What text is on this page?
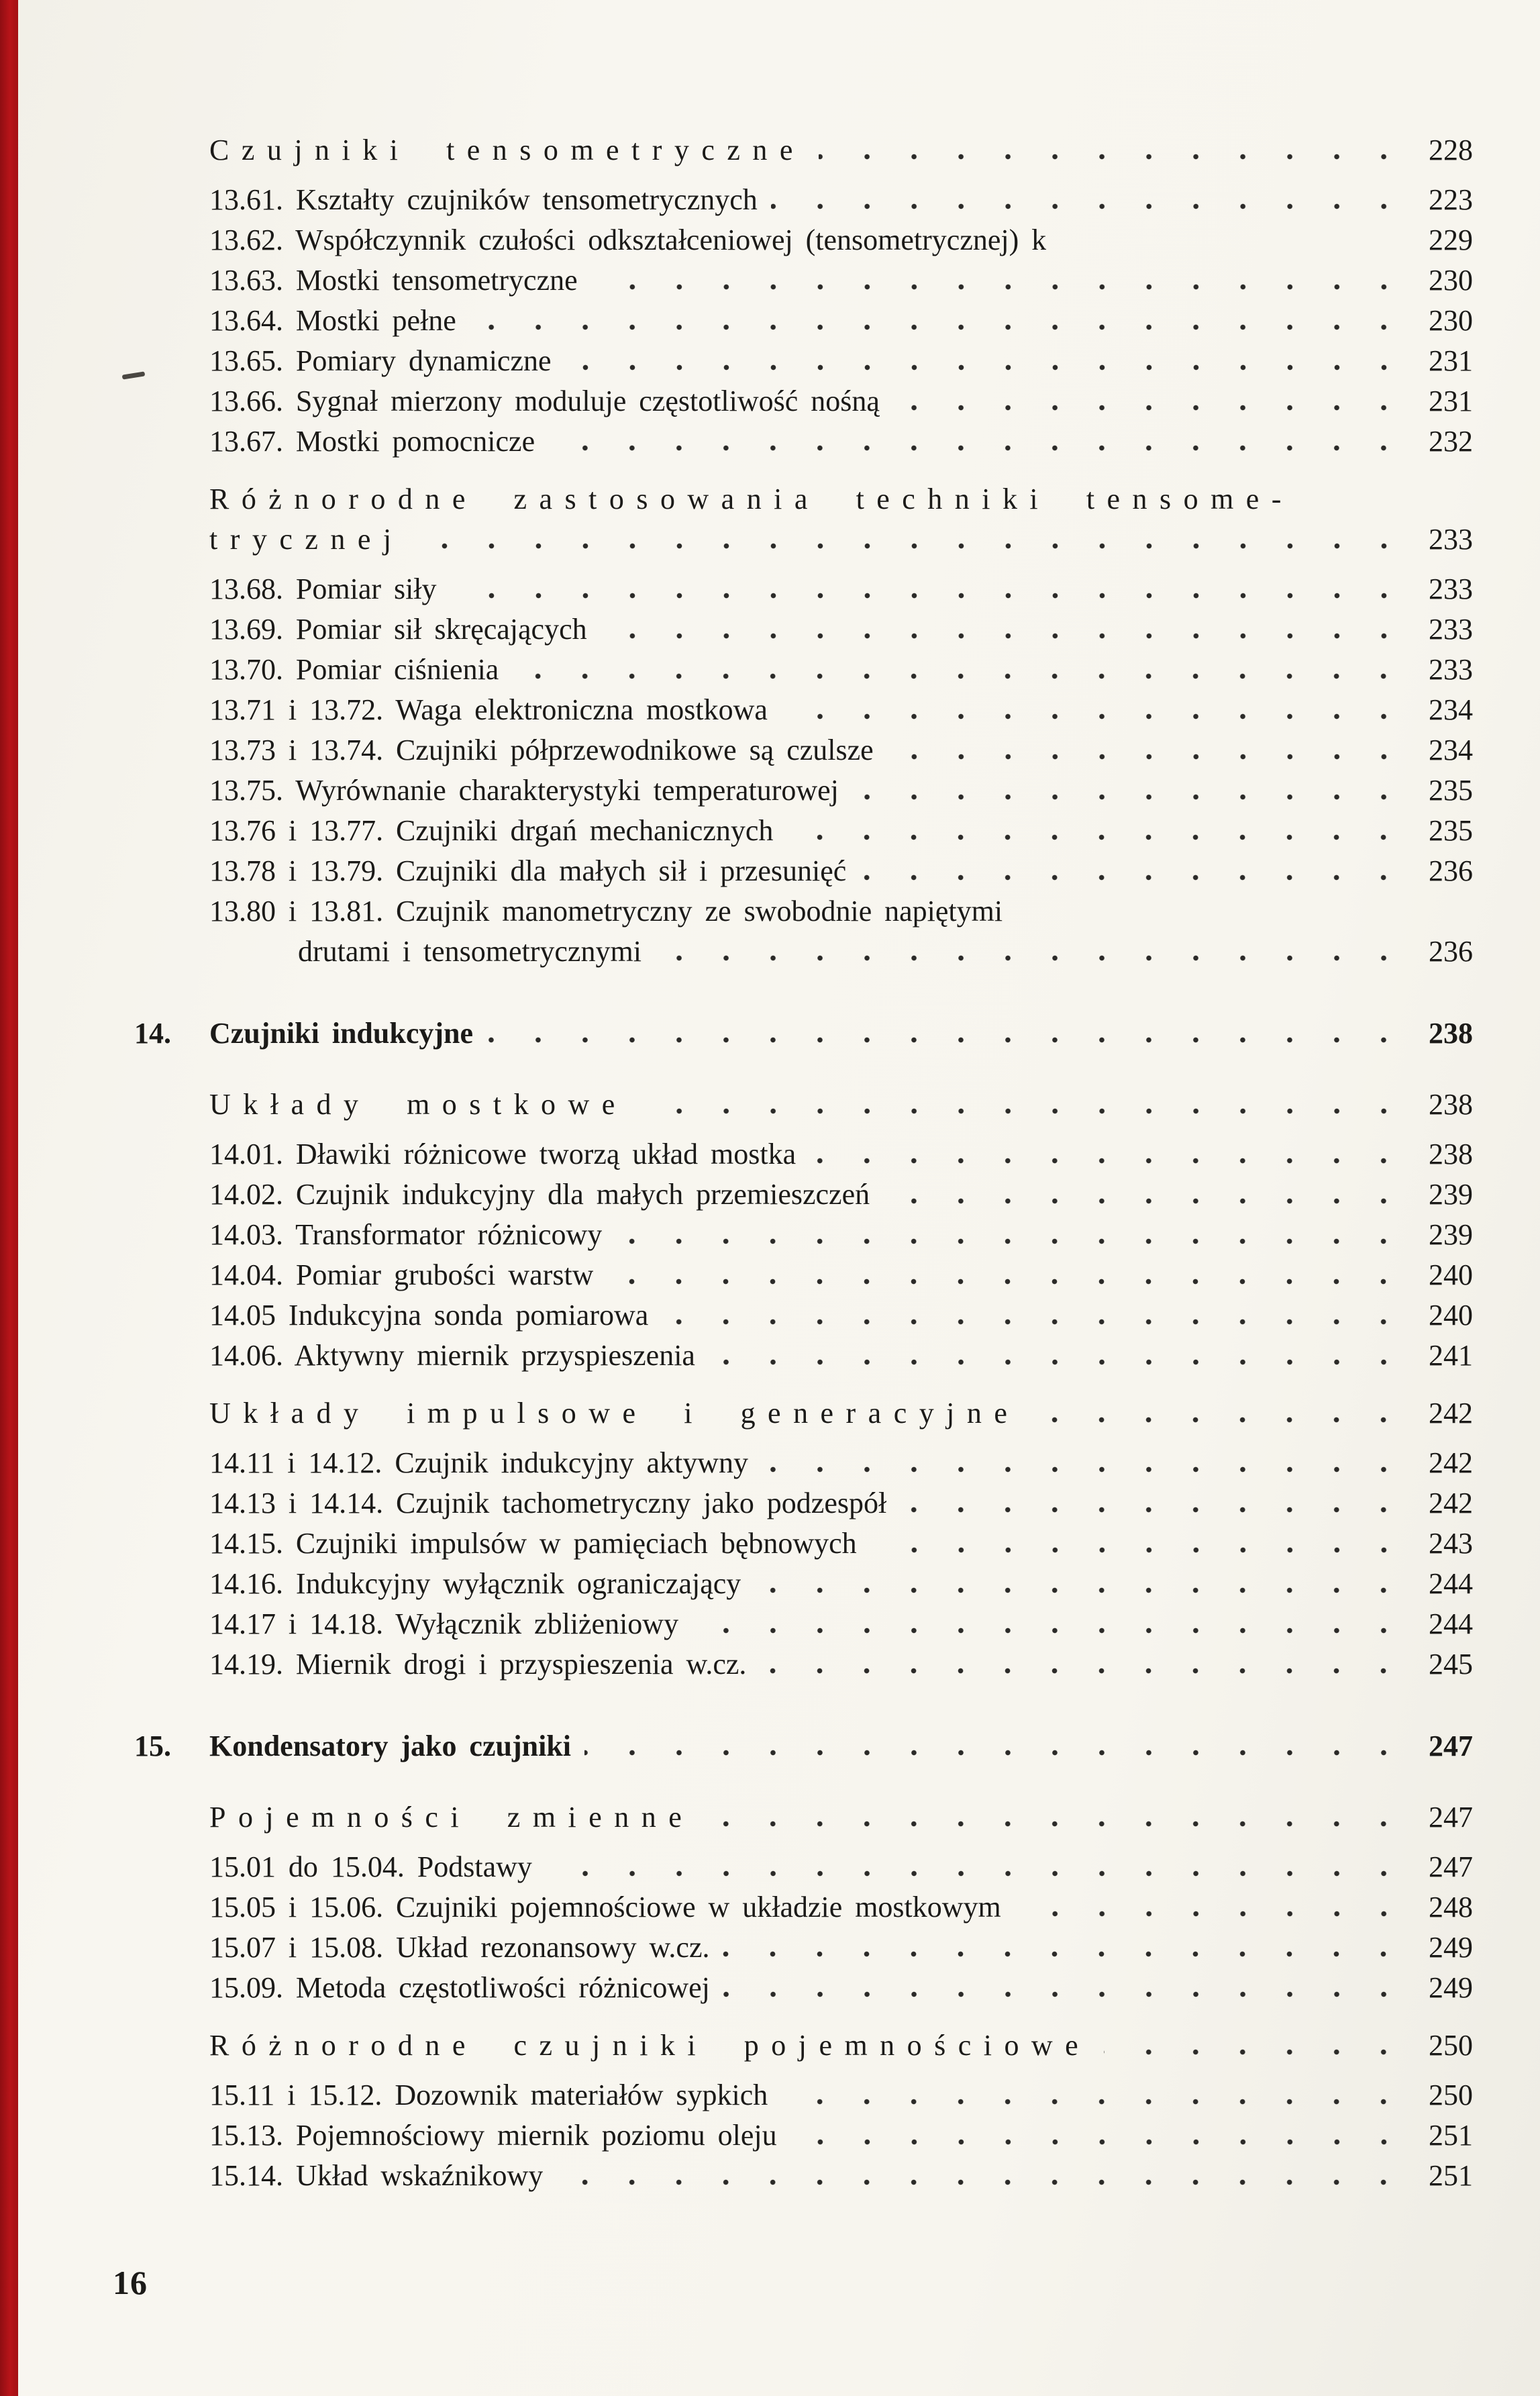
Czujniki tensometryczne	228
13.61. Kształty czujników tensometrycznych	223
13.62. Współczynnik czułości odkształceniowej (tensometrycznej) k	229
13.63. Mostki tensometryczne	230
13.64. Mostki pełne	230
13.65. Pomiary dynamiczne	231
13.66. Sygnał mierzony moduluje częstotliwość nośną	231
13.67. Mostki pomocnicze	232
Różnorodne zastosowania techniki tensome-
trycznej	233
13.68. Pomiar siły	233
13.69. Pomiar sił skręcających	233
13.70. Pomiar ciśnienia	233
13.71 i 13.72. Waga elektroniczna mostkowa	234
13.73 i 13.74. Czujniki półprzewodnikowe są czulsze	234
13.75. Wyrównanie charakterystyki temperaturowej	235
13.76 i 13.77. Czujniki drgań mechanicznych	235
13.78 i 13.79. Czujniki dla małych sił i przesunięć	236
13.80 i 13.81. Czujnik manometryczny ze swobodnie napiętymi
drutami i tensometrycznymi	236
14.	Czujniki indukcyjne	238
Układy mostkowe	238
14.01. Dławiki różnicowe tworzą układ mostka	238
14.02. Czujnik indukcyjny dla małych przemieszczeń	239
14.03. Transformator różnicowy	239
14.04. Pomiar grubości warstw	240
14.05 Indukcyjna sonda pomiarowa	240
14.06. Aktywny miernik przyspieszenia	241
Układy impulsowe i generacyjne	242
14.11 i 14.12. Czujnik indukcyjny aktywny	242
14.13 i 14.14. Czujnik tachometryczny jako podzespół	242
14.15. Czujniki impulsów w pamięciach bębnowych	243
14.16. Indukcyjny wyłącznik ograniczający	244
14.17 i 14.18. Wyłącznik zbliżeniowy	244
14.19. Miernik drogi i przyspieszenia w.cz.	245
15.	Kondensatory jako czujniki	247
Pojemności zmienne	247
15.01 do 15.04. Podstawy	247
15.05 i 15.06. Czujniki pojemnościowe w układzie mostkowym	248
15.07 i 15.08. Układ rezonansowy w.cz.	249
15.09. Metoda częstotliwości różnicowej	249
Różnorodne czujniki pojemnościowe	250
15.11 i 15.12. Dozownik materiałów sypkich	250
15.13. Pojemnościowy miernik poziomu oleju	251
15.14. Układ wskaźnikowy	251
16
